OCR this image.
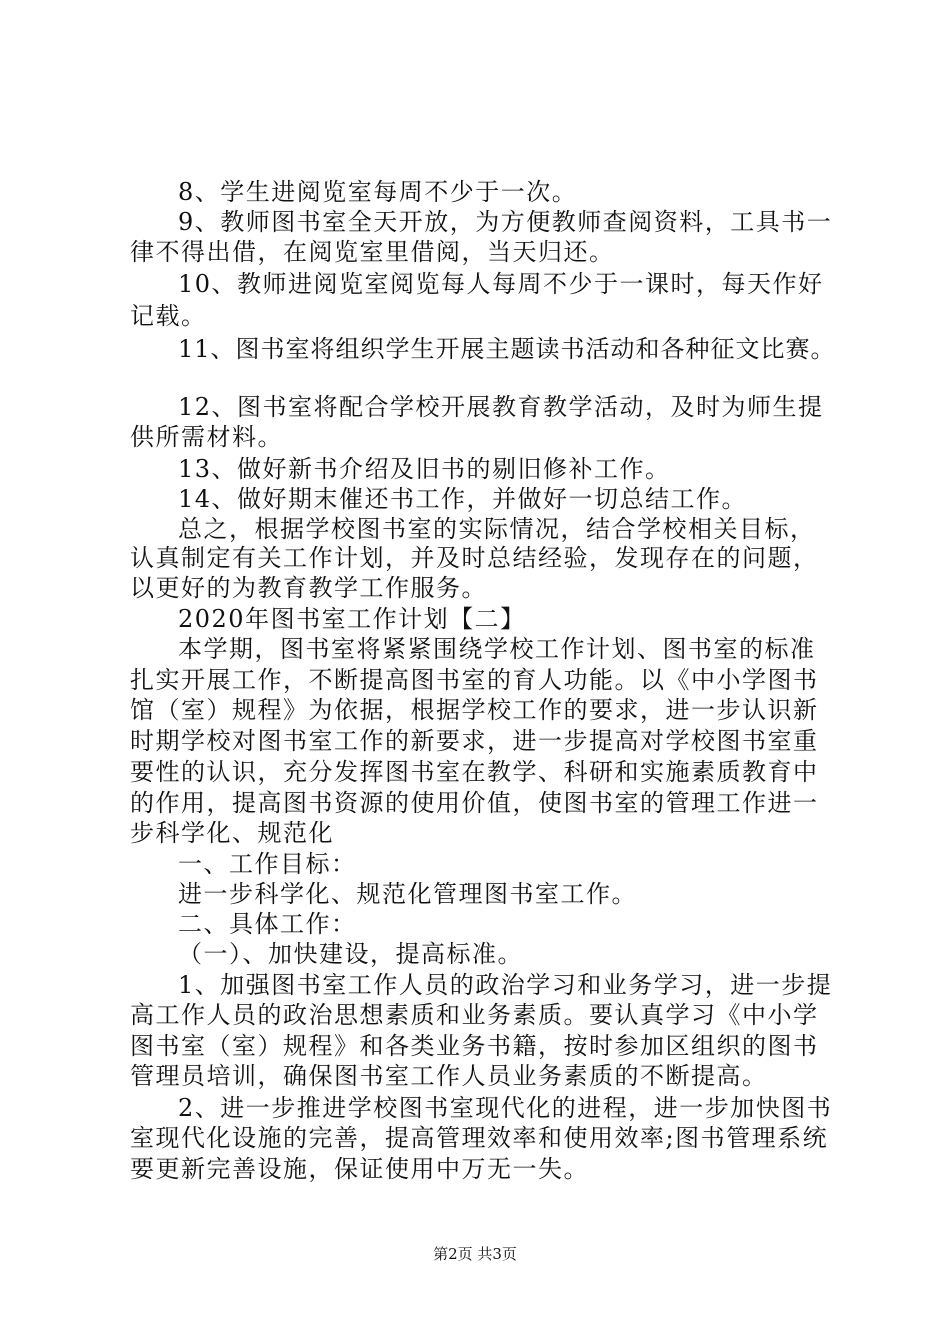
8、学生进阅览室每周不少于一次。
9、教师图书室全天开放，为方便教师查阅资料，工具书一
律不得出借，在阅览室里借阅，当天归还。
10、教师进阅览室阅览每人每周不少于一课时，每天作好
记载。
11、图书室将组织学生开展主题读书活动和各种征文比赛。
12、图书室将配合学校开展教育教学活动，及时为师生提
供所需材料。
13、做好新书介绍及旧书的剔旧修补工作。
14、做好期末催还书工作，并做好一切总结工作。
总之，根据学校图书室的实际情况，结合学校相关目标，
认真制定有关工作计划，并及时总结经验，发现存在的问题，
以更好的为教育教学工作服务。
2020年图书室工作计划【二】
本学期，图书室将紧紧围绕学校工作计划、图书室的标准
扎实开展工作，不断提高图书室的育人功能。以《中小学图书
馆（室）规程》为依据，根据学校工作的要求，进一步认识新
时期学校对图书室工作的新要求，进一步提高对学校图书室重
要性的认识，充分发挥图书室在教学、科研和实施素质教育中
的作用，提高图书资源的使用价值，使图书室的管理工作进一
步科学化、规范化
一、工作目标：
进一步科学化、规范化管理图书室工作。
二、具体工作：
（一）、加快建设，提高标准。
1、加强图书室工作人员的政治学习和业务学习，进一步提
高工作人员的政治思想素质和业务素质。要认真学习《中小学
图书室（室）规程》和各类业务书籍，按时参加区组织的图书
管理员培训，确保图书室工作人员业务素质的不断提高。
2、进一步推进学校图书室现代化的进程，进一步加快图书
室现代化设施的完善，提高管理效率和使用效率;图书管理系统
要更新完善设施，保证使用中万无一失。
第2页 共3页
